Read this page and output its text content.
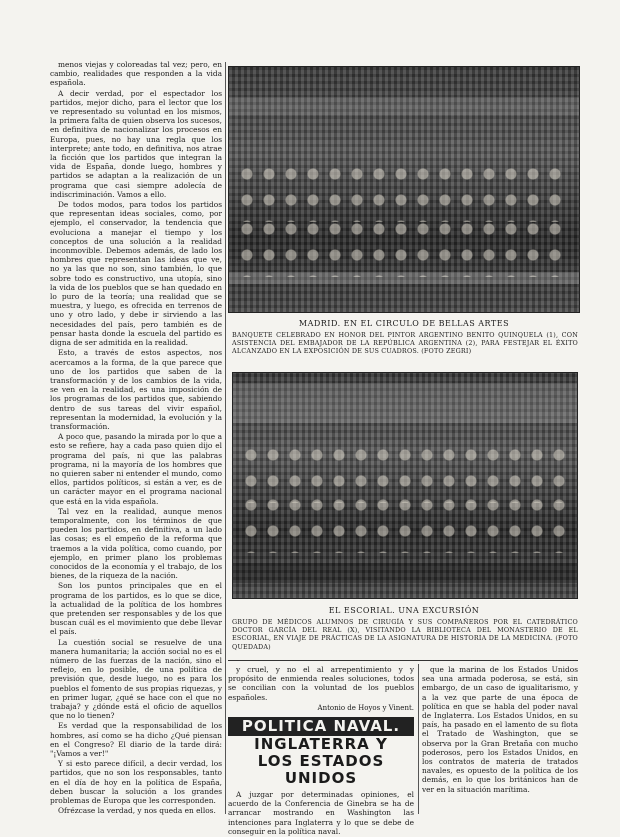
menos viejas y coloreadas tal vez; pero, en cambio, realidades que responden a la vida española.

A decir verdad, por el espectador los partidos, mejor dicho, para el lector que los ve representado su voluntad en los mismos, la primera falta de quien observa los sucesos, en definitiva de nacionalizar los procesos en Europa, pues, no hay una regla que los interprete; ante todo, en definitiva, nos atrae la ficción que los partidos que integran la vida de España, donde luego, hombres y partidos se adaptan a la realización de un programa que casi siempre adolecía de indiscriminación. Vamos a ello.

De todos modos, para todos los partidos que representan ideas sociales, como, por ejemplo, el conservador, la tendencia que evoluciona a manejar el tiempo y los conceptos de una solución a la realidad inconmovible. Debemos además, de lado los hombres que representan las ideas que ve, no ya las que no son, sino también, lo que sobre todo es constructivo, una utopía, sino la vida de los pueblos que se han quedado en lo puro de la teoría; una realidad que se muestra, y luego, es ofrecida en terrenos de uno y otro lado, y debe ir sirviendo a las necesidades del país, pero también es de pensar hasta donde la escuela del partido es digna de ser admitida en la realidad.

Esto, a través de estos aspectos, nos acercamos a la forma, de la que parece que uno de los partidos que saben de la transformación y de los cambios de la vida, se ven en la realidad, es una imposición de los programas de los partidos que, sabiendo dentro de sus tareas del vivir español, representan la modernidad, la evolución y la transformación.

A poco que, pasando la mirada por lo que a esto se refiere, hay a cada paso quien dijo el programa del país, ni que las palabras programa, ni la mayoría de los hombres que no quieren saber ni entender el mundo, como ellos, partidos políticos, si están a ver, es de un carácter mayor en el programa nacional que está en la vida española.

Tal vez en la realidad, aunque menos temporalmente, con los términos de que pueden los partidos, en definitiva, a un lado las cosas; es el empeño de la reforma que traemos a la vida política, como cuando, por ejemplo, en primer plano los problemas conocidos de la economía y el trabajo, de los bienes, de la riqueza de la nación.

Son los puntos principales que en el programa de los partidos, es lo que se dice, la actualidad de la política de los hombres que pretenden ser responsables y de los que buscan cuál es el movimiento que debe llevar el país.

La cuestión social se resuelve de una manera humanitaria; la acción social no es el número de las fuerzas de la nación, sino el reflejo, en lo posible, de una política de previsión que, desde luego, no es para los pueblos el fomento de sus propias riquezas, y en primer lugar, ¿qué se hace con el que no trabaja? y ¿dónde está el oficio de aquellos que no lo tienen?

Es verdad que la responsabilidad de los hombres, así como se ha dicho ¿Qué piensan en el Congreso? El diario de la tarde dirá: "¡Vamos a ver!"

Y si esto parece difícil, a decir verdad, los partidos, que no son los responsables, tanto en el día de hoy en la política de España, deben buscar la solución a los grandes problemas de Europa que les corresponden.

Ofrézcase la verdad, y nos queda en ellos.

MADRID. EN EL CIRCULO DE BELLAS ARTES
BANQUETE CELEBRADO EN HONOR DEL PINTOR ARGENTINO BENITO QUINQUELA (1), CON ASISTENCIA DEL EMBAJADOR DE LA REPÚBLICA ARGENTINA (2), PARA FESTEJAR EL ÉXITO ALCANZADO EN LA EXPOSICIÓN DE SUS CUADROS. (FOTO ZEGRI)
EL ESCORIAL. UNA EXCURSIÓN
GRUPO DE MÉDICOS ALUMNOS DE CIRUGÍA Y SUS COMPAÑEROS POR EL CATEDRÁTICO DOCTOR GARCÍA DEL REAL (X), VISITANDO LA BIBLIOTECA DEL MONASTERIO DE EL ESCORIAL, EN VIAJE DE PRÁCTICAS DE LA ASIGNATURA DE HISTORIA DE LA MEDICINA. (FOTO QUEDADA)

y cruel, y no el al arrepentimiento y y propósito de enmienda reales soluciones, todos se concilian con la voluntad de los pueblos españoles.

Antonio de Hoyos y Vinent.
POLITICA NAVAL.
INGLATERRA Y
LOS ESTADOS UNIDOS

A juzgar por determinadas opiniones, el acuerdo de la Conferencia de Ginebra se ha de arrancar mostrando en Washington las intenciones para Inglaterra y lo que se debe de conseguir en la política naval.

que la marina de los Estados Unidos sea una armada poderosa, se está, sin embargo, de un caso de igualitarismo, y a la vez que parte de una época de política en que se habla del poder naval de Inglaterra. Los Estados Unidos, en su país, ha pasado en el lamento de su flota el Tratado de Washington, que se observa por la Gran Bretaña con mucho poderosos, pero los Estados Unidos, en los contratos de materia de tratados navales, es opuesto de la política de los demás, en lo que los británicos han de ver en la situación marítima.
